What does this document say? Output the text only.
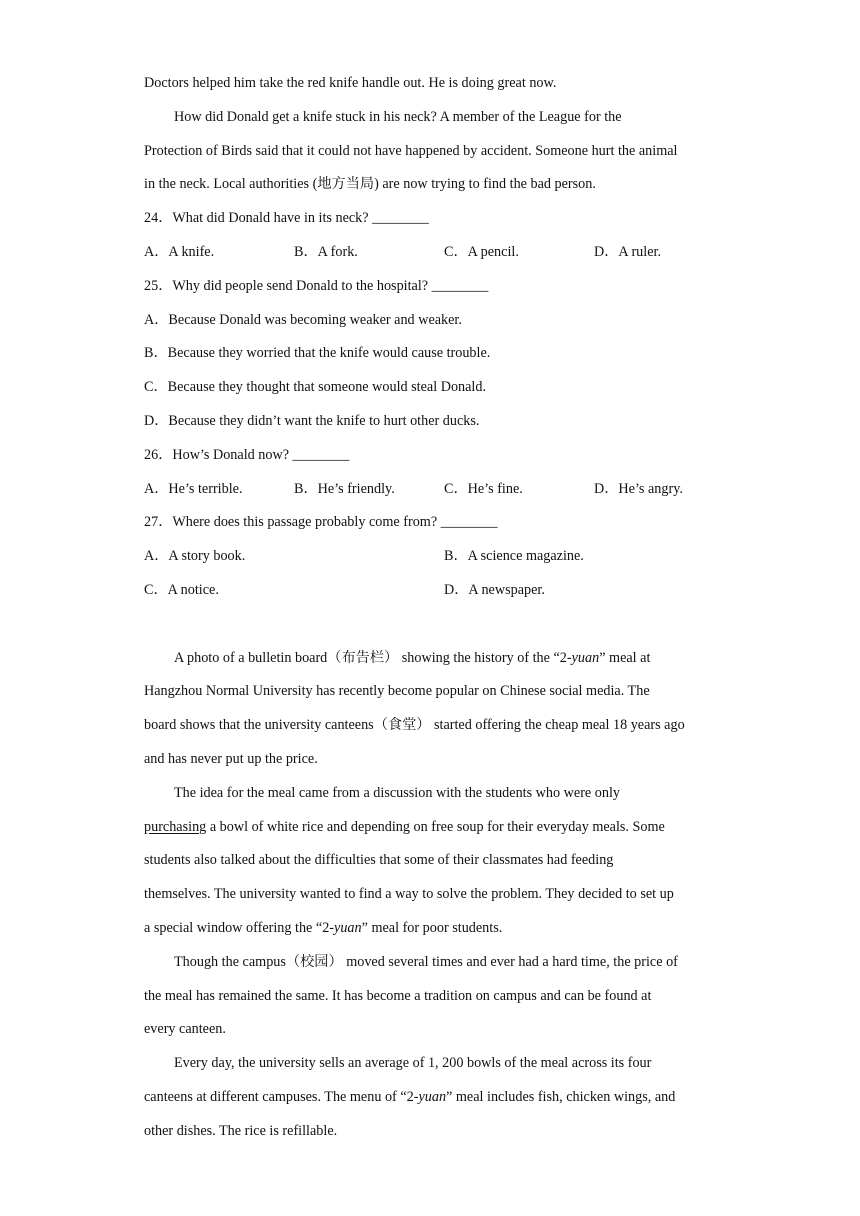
Doctors helped him take the red knife handle out. He is doing great now.
How did Donald get a knife stuck in his neck? A member of the League for the
Protection of Birds said that it could not have happened by accident. Someone hurt the animal
in the neck. Local authorities (地方当局) are now trying to find the bad person.
24．What did Donald have in its neck? ________
A．A knife.	B．A fork.	C．A pencil.	D．A ruler.
25．Why did people send Donald to the hospital? ________
A．Because Donald was becoming weaker and weaker.
B．Because they worried that the knife would cause trouble.
C．Because they thought that someone would steal Donald.
D．Because they didn’t want the knife to hurt other ducks.
26．How’s Donald now? ________
A．He’s terrible.	B．He’s friendly.	C．He’s fine.	D．He’s angry.
27．Where does this passage probably come from? ________
A．A story book.	B．A science magazine.
C．A notice.	D．A newspaper.
A photo of a bulletin board（布告栏） showing the history of the “2-yuan” meal at
Hangzhou Normal University has recently become popular on Chinese social media. The
board shows that the university canteens（食堂） started offering the cheap meal 18 years ago
and has never put up the price.
The idea for the meal came from a discussion with the students who were only
purchasing a bowl of white rice and depending on free soup for their everyday meals. Some
students also talked about the difficulties that some of their classmates had feeding
themselves. The university wanted to find a way to solve the problem. They decided to set up
a special window offering the “2-yuan” meal for poor students.
Though the campus（校园） moved several times and ever had a hard time, the price of
the meal has remained the same. It has become a tradition on campus and can be found at
every canteen.
Every day, the university sells an average of 1, 200 bowls of the meal across its four
canteens at different campuses. The menu of “2-yuan” meal includes fish, chicken wings, and
other dishes. The rice is refillable.
